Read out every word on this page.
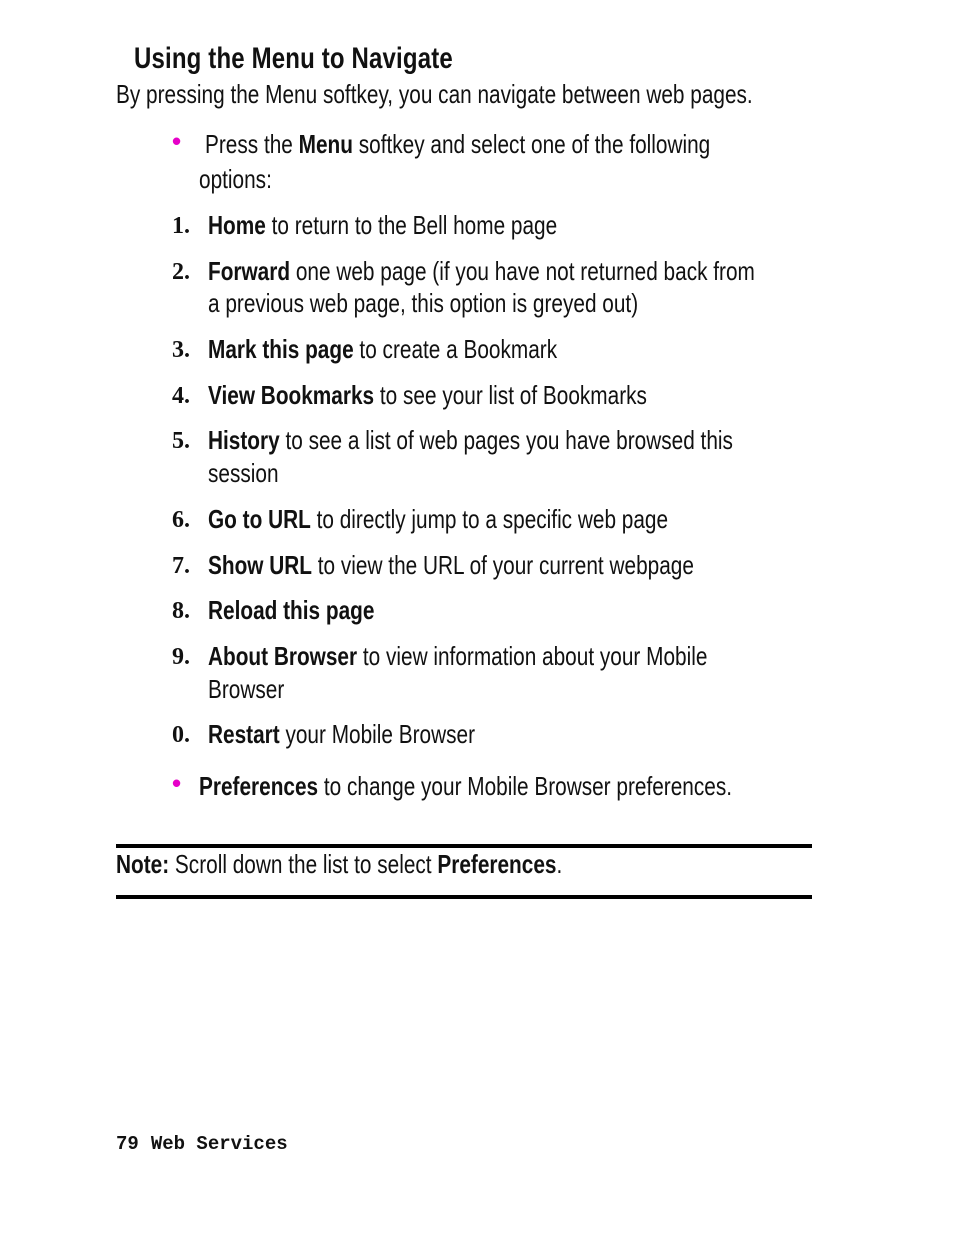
Using the Menu to Navigate
By pressing the Menu softkey, you can navigate between web pages.
• Press the Menu softkey and select one of the following
options:
1. Home to return to the Bell home page
2. Forward one web page (if you have not returned back from
a previous web page, this option is greyed out)
3. Mark this page to create a Bookmark
4. View Bookmarks to see your list of Bookmarks
5. History to see a list of web pages you have browsed this
session
6. Go to URL to directly jump to a specific web page
7. Show URL to view the URL of your current webpage
8. Reload this page
9. About Browser to view information about your Mobile
Browser
0. Restart your Mobile Browser
• Preferences to change your Mobile Browser preferences.
Note: Scroll down the list to select Preferences.
79 Web Services
